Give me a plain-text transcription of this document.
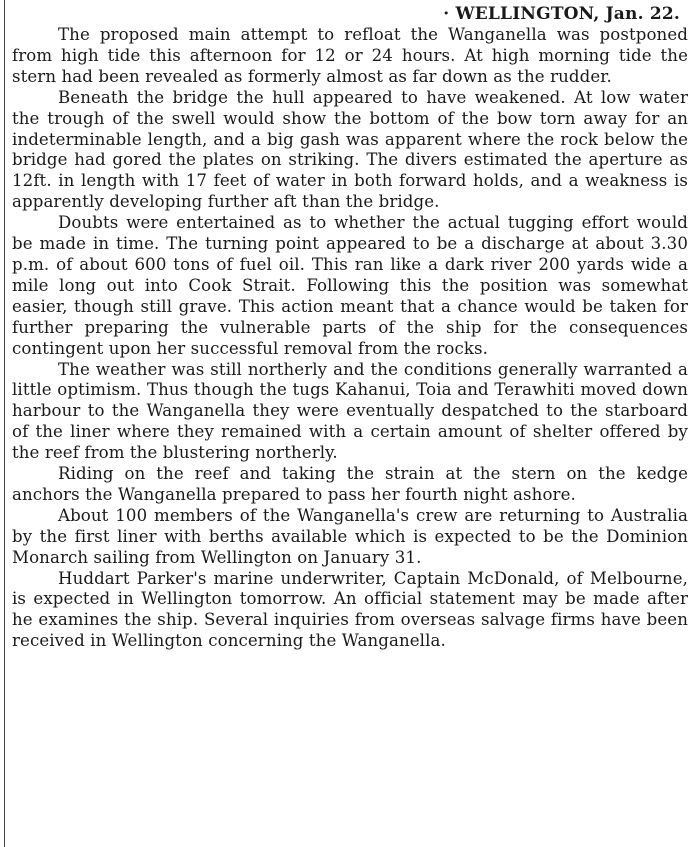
· WELLINGTON, Jan. 22.

The proposed main attempt to refloat the Wanganella was postponed from high tide this afternoon for 12 or 24 hours. At high morning tide the stern had been revealed as formerly almost as far down as the rudder.

Beneath the bridge the hull appeared to have weakened. At low water the trough of the swell would show the bottom of the bow torn away for an indeterminable length, and a big gash was apparent where the rock below the bridge had gored the plates on striking. The divers estimated the aperture as 12ft. in length with 17 feet of water in both forward holds, and a weakness is apparently developing further aft than the bridge.

Doubts were entertained as to whether the actual tugging effort would be made in time. The turning point appeared to be a discharge at about 3.30 p.m. of about 600 tons of fuel oil. This ran like a dark river 200 yards wide a mile long out into Cook Strait. Following this the position was somewhat easier, though still grave. This action meant that a chance would be taken for further preparing the vulnerable parts of the ship for the consequences contingent upon her successful removal from the rocks.

The weather was still northerly and the conditions generally warranted a little optimism. Thus though the tugs Kahanui, Toia and Terawhiti moved down harbour to the Wanganella they were eventually despatched to the starboard of the liner where they remained with a certain amount of shelter offered by the reef from the blustering northerly.

Riding on the reef and taking the strain at the stern on the kedge anchors the Wanganella prepared to pass her fourth night ashore.

About 100 members of the Wanganella's crew are returning to Australia by the first liner with berths available which is expected to be the Dominion Monarch sailing from Wellington on January 31.

Huddart Parker's marine underwriter, Captain McDonald, of Melbourne, is expected in Wellington tomorrow. An official statement may be made after he examines the ship. Several inquiries from overseas salvage firms have been received in Wellington concerning the Wanganella.
